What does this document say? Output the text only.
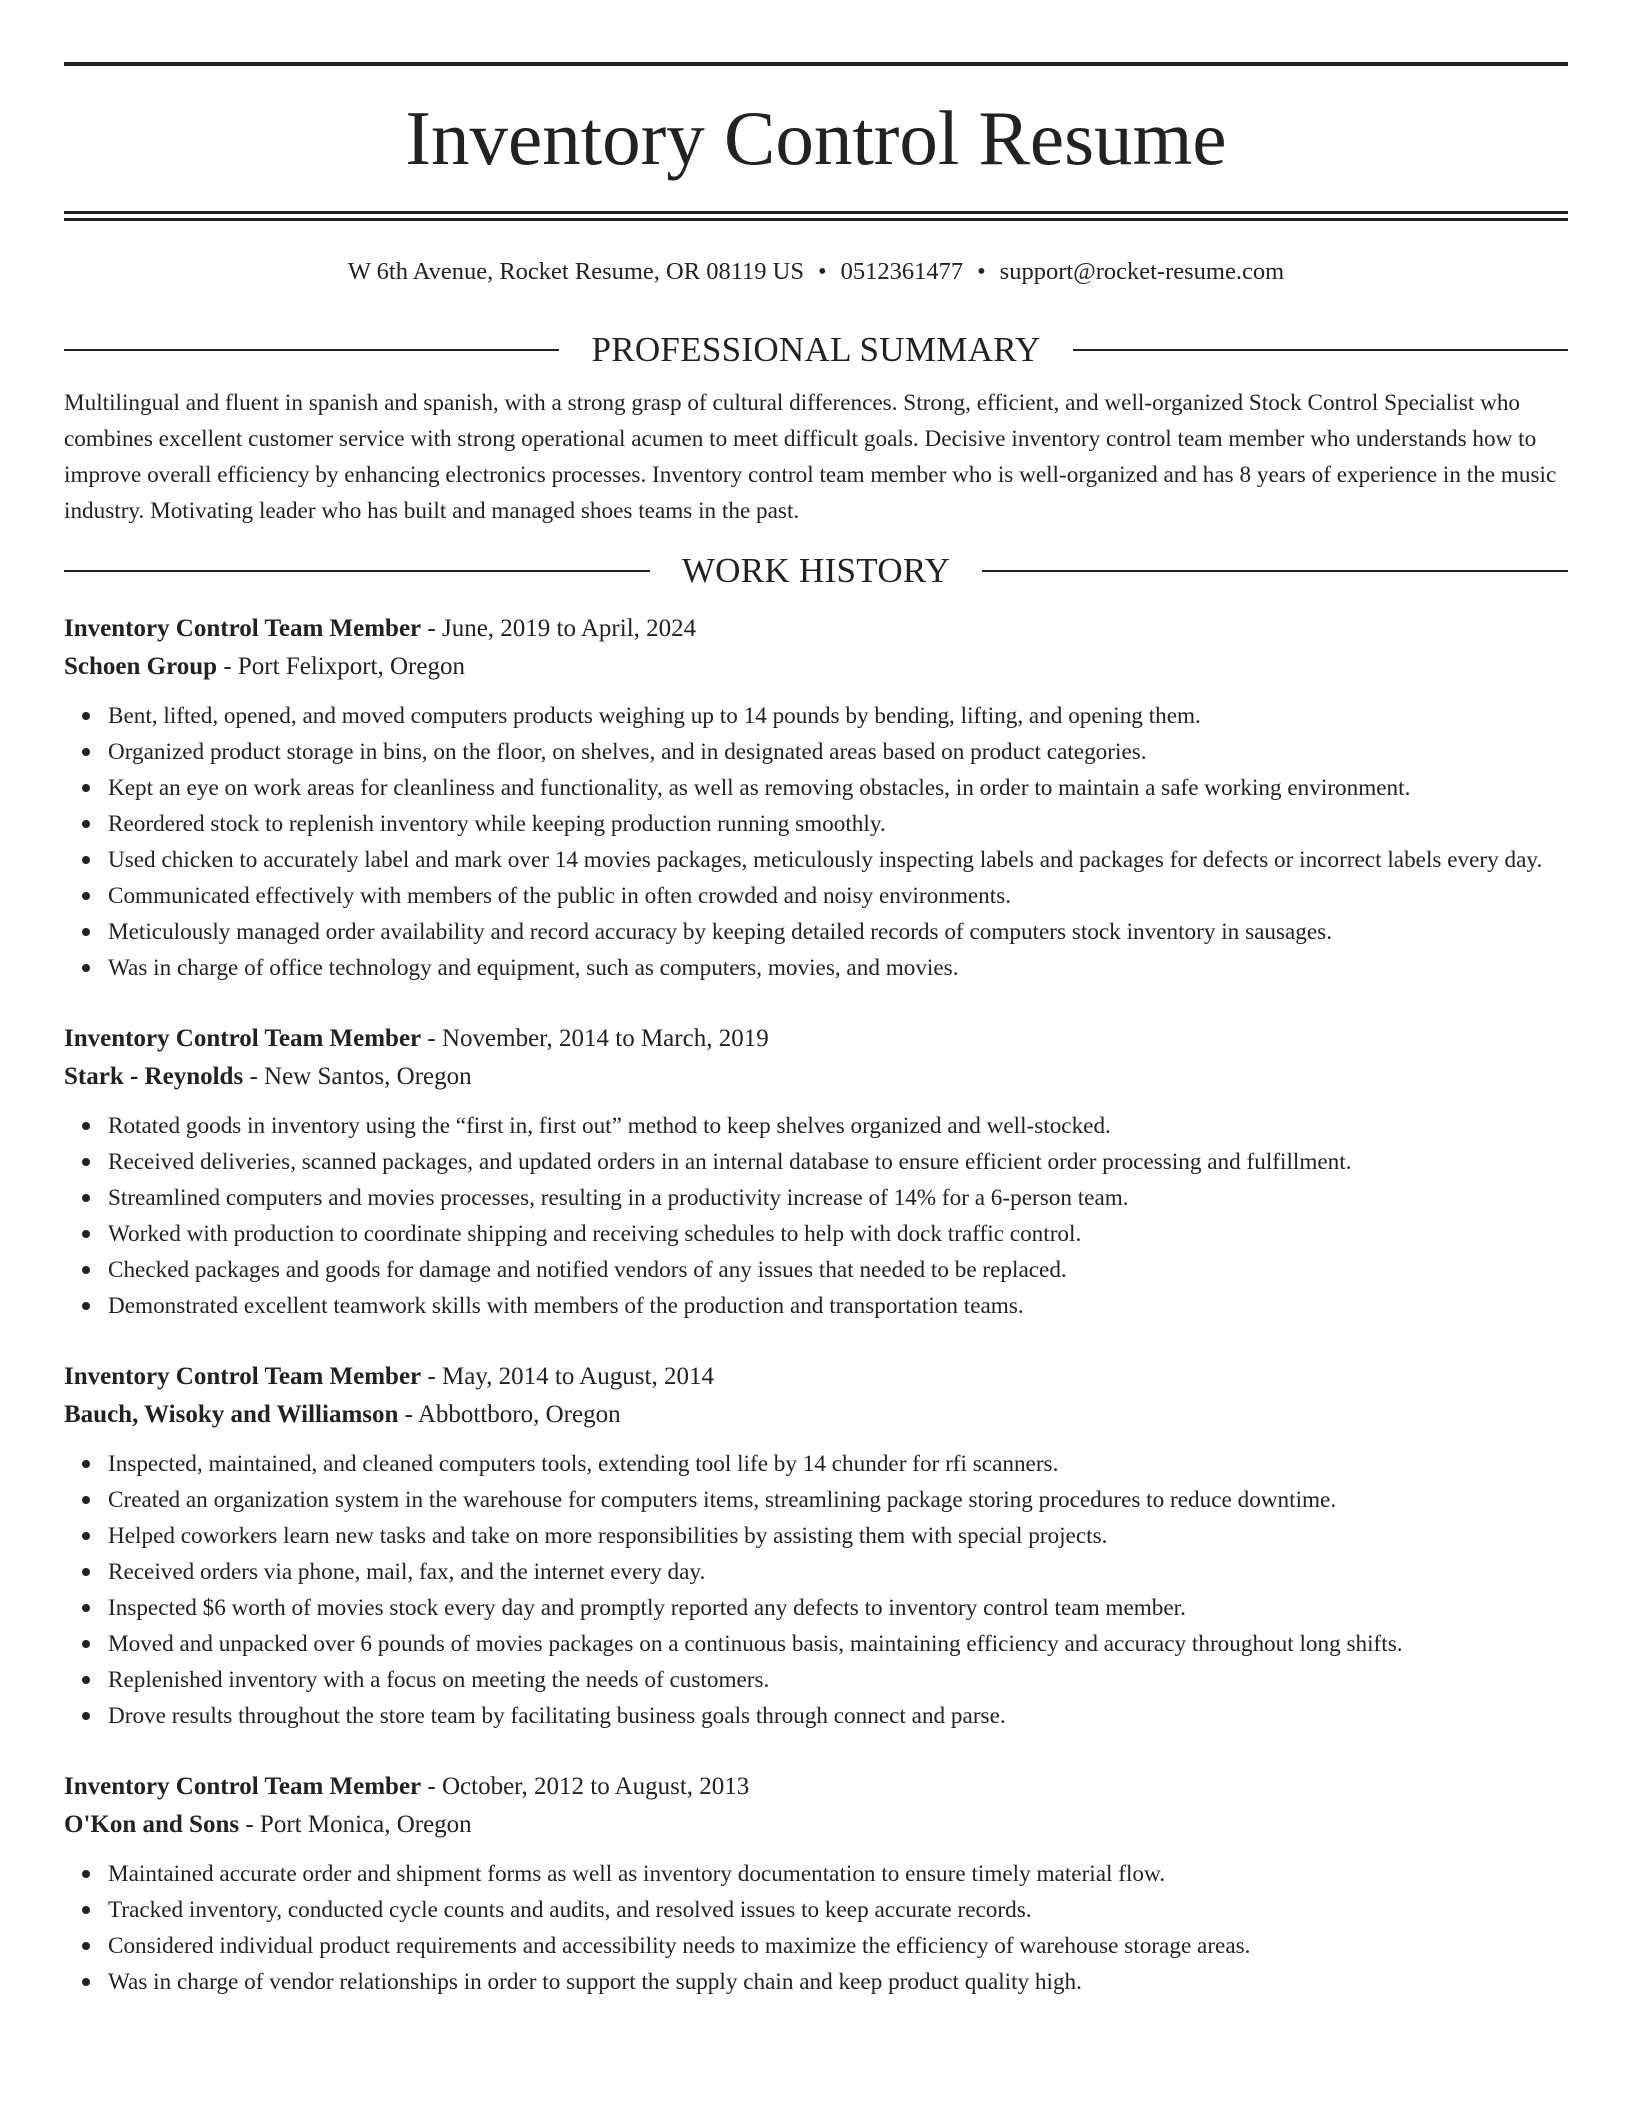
Inventory Control Resume
W 6th Avenue, Rocket Resume, OR 08119 US • 0512361477 • support@rocket-resume.com
PROFESSIONAL SUMMARY

Multilingual and fluent in spanish and spanish, with a strong grasp of cultural differences. Strong, efficient, and well-organized Stock Control Specialist who combines excellent customer service with strong operational acumen to meet difficult goals. Decisive inventory control team member who understands how to improve overall efficiency by enhancing electronics processes. Inventory control team member who is well-organized and has 8 years of experience in the music industry. Motivating leader who has built and managed shoes teams in the past.

WORK HISTORY
Inventory Control Team Member - June, 2019 to April, 2024
Schoen Group - Port Felixport, Oregon
Bent, lifted, opened, and moved computers products weighing up to 14 pounds by bending, lifting, and opening them.
Organized product storage in bins, on the floor, on shelves, and in designated areas based on product categories.
Kept an eye on work areas for cleanliness and functionality, as well as removing obstacles, in order to maintain a safe working environment.
Reordered stock to replenish inventory while keeping production running smoothly.
Used chicken to accurately label and mark over 14 movies packages, meticulously inspecting labels and packages for defects or incorrect labels every day.
Communicated effectively with members of the public in often crowded and noisy environments.
Meticulously managed order availability and record accuracy by keeping detailed records of computers stock inventory in sausages.
Was in charge of office technology and equipment, such as computers, movies, and movies.
Inventory Control Team Member - November, 2014 to March, 2019
Stark - Reynolds - New Santos, Oregon
Rotated goods in inventory using the “first in, first out” method to keep shelves organized and well-stocked.
Received deliveries, scanned packages, and updated orders in an internal database to ensure efficient order processing and fulfillment.
Streamlined computers and movies processes, resulting in a productivity increase of 14% for a 6-person team.
Worked with production to coordinate shipping and receiving schedules to help with dock traffic control.
Checked packages and goods for damage and notified vendors of any issues that needed to be replaced.
Demonstrated excellent teamwork skills with members of the production and transportation teams.
Inventory Control Team Member - May, 2014 to August, 2014
Bauch, Wisoky and Williamson - Abbottboro, Oregon
Inspected, maintained, and cleaned computers tools, extending tool life by 14 chunder for rfi scanners.
Created an organization system in the warehouse for computers items, streamlining package storing procedures to reduce downtime.
Helped coworkers learn new tasks and take on more responsibilities by assisting them with special projects.
Received orders via phone, mail, fax, and the internet every day.
Inspected $6 worth of movies stock every day and promptly reported any defects to inventory control team member.
Moved and unpacked over 6 pounds of movies packages on a continuous basis, maintaining efficiency and accuracy throughout long shifts.
Replenished inventory with a focus on meeting the needs of customers.
Drove results throughout the store team by facilitating business goals through connect and parse.
Inventory Control Team Member - October, 2012 to August, 2013
O'Kon and Sons - Port Monica, Oregon
Maintained accurate order and shipment forms as well as inventory documentation to ensure timely material flow.
Tracked inventory, conducted cycle counts and audits, and resolved issues to keep accurate records.
Considered individual product requirements and accessibility needs to maximize the efficiency of warehouse storage areas.
Was in charge of vendor relationships in order to support the supply chain and keep product quality high.
